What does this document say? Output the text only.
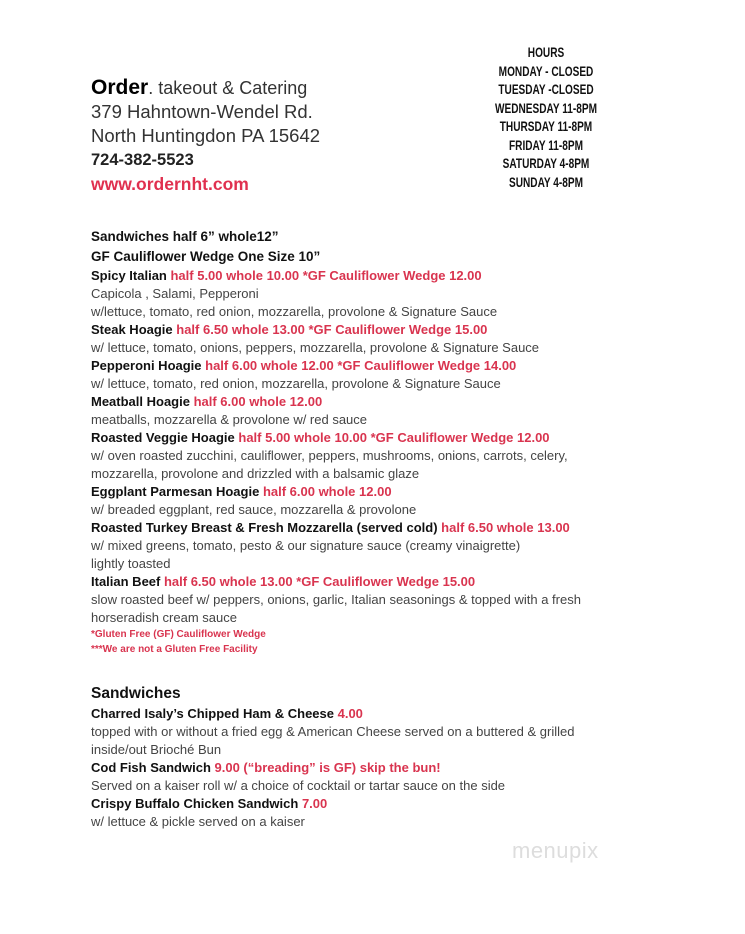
Order. takeout & Catering
379 Hahntown-Wendel Rd.
North Huntingdon PA 15642
724-382-5523
www.ordernht.com
HOURS
MONDAY - CLOSED
TUESDAY -CLOSED
WEDNESDAY 11-8PM
THURSDAY 11-8PM
FRIDAY 11-8PM
SATURDAY 4-8PM
SUNDAY 4-8PM
Sandwiches half 6” whole12”
GF Cauliflower Wedge One Size 10”
Spicy Italian half 5.00 whole 10.00 *GF Cauliflower Wedge 12.00
Capicola , Salami, Pepperoni
w/lettuce, tomato, red onion, mozzarella, provolone & Signature Sauce
Steak Hoagie half 6.50 whole 13.00 *GF Cauliflower Wedge 15.00
w/ lettuce, tomato, onions, peppers, mozzarella, provolone & Signature Sauce
Pepperoni Hoagie half 6.00 whole 12.00 *GF Cauliflower Wedge 14.00
w/ lettuce, tomato, red onion, mozzarella, provolone & Signature Sauce
Meatball Hoagie half 6.00 whole 12.00
meatballs, mozzarella & provolone w/ red sauce
Roasted Veggie Hoagie half 5.00 whole 10.00 *GF Cauliflower Wedge 12.00
w/ oven roasted zucchini, cauliflower, peppers, mushrooms, onions, carrots, celery,
mozzarella, provolone and drizzled with a balsamic glaze
Eggplant Parmesan Hoagie half 6.00 whole 12.00
w/ breaded eggplant, red sauce, mozzarella & provolone
Roasted Turkey Breast & Fresh Mozzarella (served cold) half 6.50 whole 13.00
w/ mixed greens, tomato, pesto & our signature sauce (creamy vinaigrette)
lightly toasted
Italian Beef half 6.50 whole 13.00 *GF Cauliflower Wedge 15.00
slow roasted beef w/ peppers, onions, garlic, Italian seasonings & topped with a fresh
horseradish cream sauce
*Gluten Free (GF) Cauliflower Wedge
***We are not a Gluten Free Facility
Sandwiches
Charred Isaly’s Chipped Ham & Cheese 4.00
topped with or without a fried egg & American Cheese served on a buttered & grilled
inside/out Brioché Bun
Cod Fish Sandwich 9.00 (“breading” is GF) skip the bun!
Served on a kaiser roll w/ a choice of cocktail or tartar sauce on the side
Crispy Buffalo Chicken Sandwich 7.00
w/ lettuce & pickle served on a kaiser
menupix
